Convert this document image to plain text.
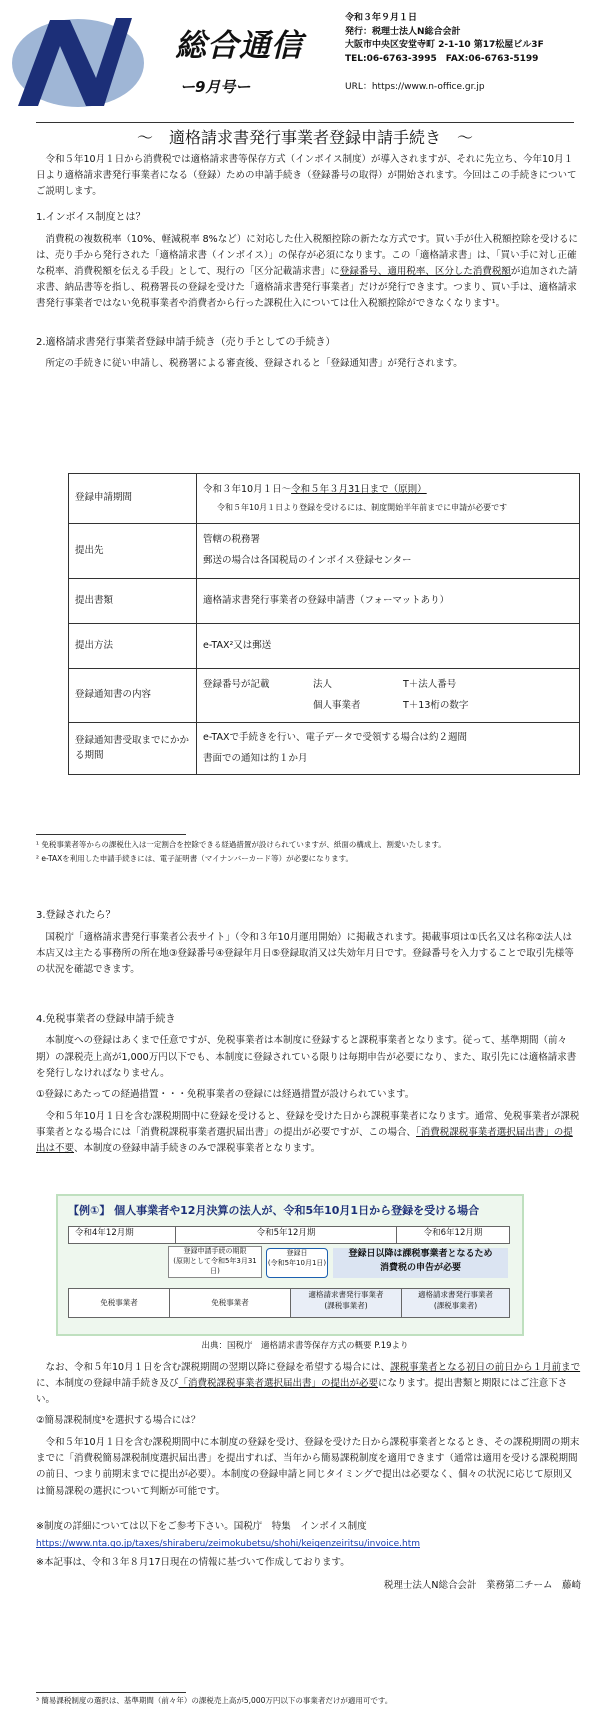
総合通信
ー9月号ー
令和３年９月１日
発行：税理士法人N総合会計
大阪市中央区安堂寺町 2-1-10 第17松屋ビル3F
TEL:06-6763-3995　FAX:06-6763-5199
URL：https://www.n-office.gr.jp
～　適格請求書発行事業者登録申請手続き　～

令和５年10月１日から消費税では適格請求書等保存方式（インボイス制度）が導入されますが、それに先立ち、今年10月１日より適格請求書発行事業者になる（登録）ための申請手続き（登録番号の取得）が開始されます。今回はこの手続きについてご説明します。

1.インボイス制度とは？

消費税の複数税率（10%、軽減税率 8%など）に対応した仕入税額控除の新たな方式です。買い手が仕入税額控除を受けるには、売り手から発行された「適格請求書（インボイス）」の保存が必須になります。この「適格請求書」は、「買い手に対し正確な税率、消費税額を伝える手段」として、現行の「区分記載請求書」に登録番号、適用税率、区分した消費税額が追加された請求書、納品書等を指し、税務署長の登録を受けた「適格請求書発行事業者」だけが発行できます。つまり、買い手は、適格請求書発行事業者ではない免税事業者や消費者から行った課税仕入については仕入税額控除ができなくなります¹。

2.適格請求書発行事業者登録申請手続き（売り手としての手続き）

所定の手続きに従い申請し、税務署による審査後、登録されると「登録通知書」が発行されます。

登録申請期間	令和３年10月１日～令和５年３月31日まで（原則）
令和５年10月１日より登録を受けるには、制度開始半年前までに申請が必要です

提出先	管轄の税務署
郵送の場合は各国税局のインボイス登録センター

提出書類	適格請求書発行事業者の登録申請書（フォーマットあり）
提出方法	e-TAX²又は郵送
登録通知書の内容	登録番号が記載 法人 T＋法人番号
個人事業者 T＋13桁の数字

登録通知書受取までにかかる期間	e-TAXで手続きを行い、電子データで受領する場合は約２週間
書面での通知は約１か月
¹ 免税事業者等からの課税仕入は一定割合を控除できる経過措置が設けられていますが、紙面の構成上、割愛いたします。
² e-TAXを利用した申請手続きには、電子証明書（マイナンバーカード等）が必要になります。

3.登録されたら？

国税庁「適格請求書発行事業者公表サイト」（令和３年10月運用開始）に掲載されます。掲載事項は①氏名又は名称②法人は本店又は主たる事務所の所在地③登録番号④登録年月日⑤登録取消又は失効年月日です。登録番号を入力することで取引先様等の状況を確認できます。

4.免税事業者の登録申請手続き

本制度への登録はあくまで任意ですが、免税事業者は本制度に登録すると課税事業者となります。従って、基準期間（前々期）の課税売上高が1,000万円以下でも、本制度に登録されている限りは毎期申告が必要になり、また、取引先には適格請求書を発行しなければなりません。

①登録にあたっての経過措置・・・免税事業者の登録には経過措置が設けられています。

令和５年10月１日を含む課税期間中に登録を受けると、登録を受けた日から課税事業者になります。通常、免税事業者が課税事業者となる場合には「消費税課税事業者選択届出書」の提出が必要ですが、この場合、「消費税課税事業者選択届出書」の提出は不要、本制度の登録申請手続きのみで課税事業者となります。

【例①】 個人事業者や12月決算の法人が、令和5年10月1日から登録を受ける場合
令和4年12月期	令和5年12月期	令和6年12月期
登録申請手続の期限
(原則として令和5年3月31日)
登録日
(令和5年10月1日)
登録日以降は課税事業者となるため
消費税の申告が必要
免税事業者	免税事業者
適格請求書発行事業者
(課税事業者)
適格請求書発行事業者
(課税事業者)
出典：国税庁　適格請求書等保存方式の概要 P.19より

なお、令和５年10月１日を含む課税期間の翌期以降に登録を希望する場合には、課税事業者となる初日の前日から１月前までに、本制度の登録申請手続き及び「消費税課税事業者選択届出書」の提出が必要になります。提出書類と期限にはご注意下さい。

②簡易課税制度³を選択する場合には？

令和５年10月１日を含む課税期間中に本制度の登録を受け、登録を受けた日から課税事業者となるとき、その課税期間の期末までに「消費税簡易課税制度選択届出書」を提出すれば、当年から簡易課税制度を適用できます（通常は適用を受ける課税期間の前日、つまり前期末までに提出が必要）。本制度の登録申請と同じタイミングで提出は必要なく、個々の状況に応じて原則又は簡易課税の選択について判断が可能です。

※制度の詳細については以下をご参考下さい。国税庁　特集　インボイス制度

https://www.nta.go.jp/taxes/shiraberu/zeimokubetsu/shohi/keigenzeiritsu/invoice.htm

※本記事は、令和３年８月17日現在の情報に基づいて作成しております。

税理士法人N総合会計　業務第二チーム　藤崎

³ 簡易課税制度の選択は、基準期間（前々年）の課税売上高が5,000万円以下の事業者だけが適用可です。
